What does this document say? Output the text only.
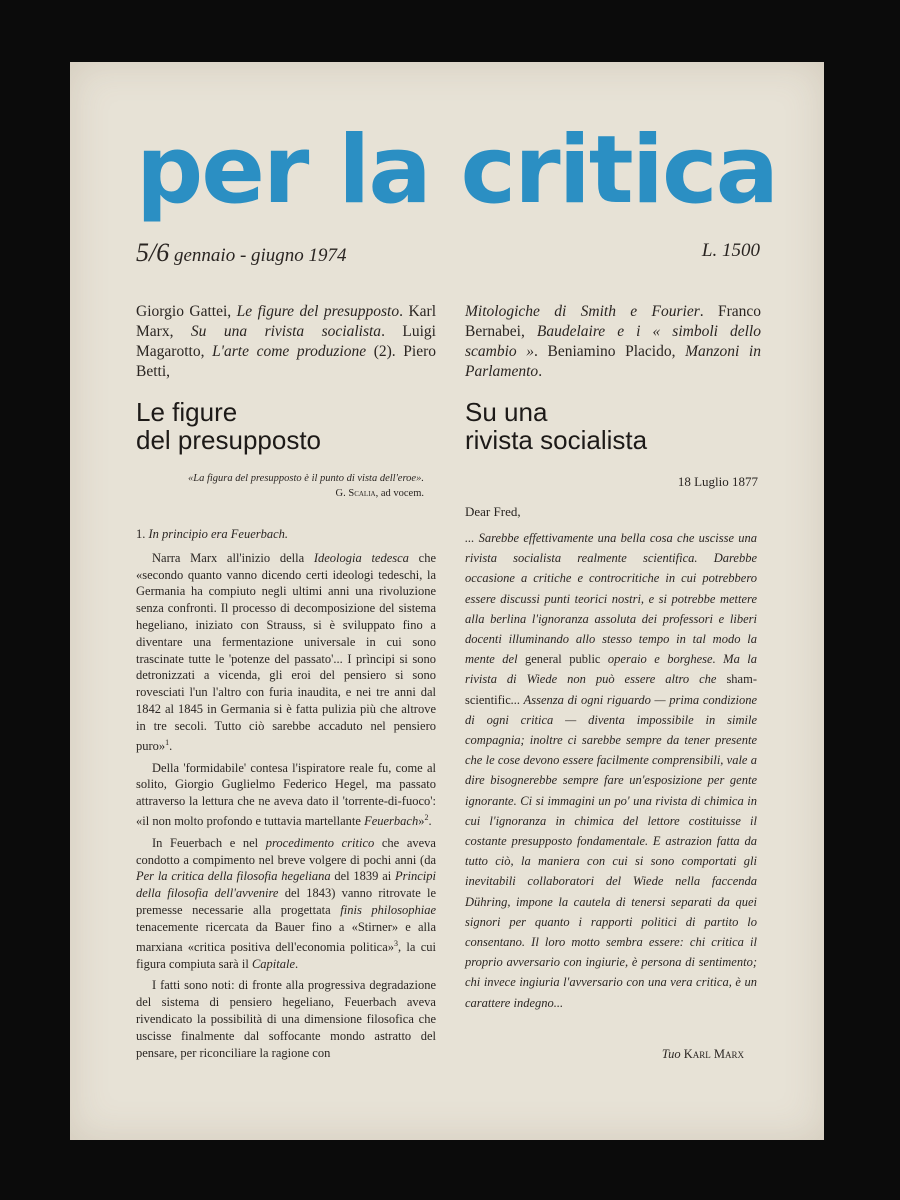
per la critica
5/6 gennaio - giugno 1974	L. 1500
Giorgio Gattei, Le figure del presupposto. Karl Marx, Su una rivista socialista. Luigi Magarotto, L'arte come produzione (2). Piero Betti,
Mitologiche di Smith e Fourier. Franco Bernabei, Baudelaire e i « simboli dello scambio ». Beniamino Placido, Manzoni in Parlamento.
Le figure
del presupposto
Su una
rivista socialista
«La figura del presupposto è il punto di vista dell'eroe».
G. Scalia, ad vocem.

1. In principio era Feuerbach.

Narra Marx all'inizio della Ideologia tedesca che «secondo quanto vanno dicendo certi ideologi tedeschi, la Germania ha compiuto negli ultimi anni una rivoluzione senza confronti. Il processo di decomposizione del sistema hegeliano, iniziato con Strauss, si è sviluppato fino a diventare una fermentazione universale in cui sono trascinate tutte le 'potenze del passato'... I prìncipi si sono detronizzati a vicenda, gli eroi del pensiero si sono rovesciati l'un l'altro con furia inaudita, e nei tre anni dal 1842 al 1845 in Germania si è fatta pulizia più che altrove in tre secoli. Tutto ciò sarebbe accaduto nel pensiero puro»$^1$.

Della 'formidabile' contesa l'ispiratore reale fu, come al solito, Giorgio Guglielmo Federico Hegel, ma passato attraverso la lettura che ne aveva dato il 'torrente-di-fuoco': «il non molto profondo e tuttavia martellante Feuerbach»$^2$.

In Feuerbach e nel procedimento critico che aveva condotto a compimento nel breve volgere di pochi anni (da Per la critica della filosofia hegeliana del 1839 ai Principi della filosofia dell'avvenire del 1843) vanno ritrovate le premesse necessarie alla progettata finis philosophiae tenacemente ricercata da Bauer fino a «Stirner» e alla marxiana «critica positiva dell'economia politica»$^3$, la cui figura compiuta sarà il Capitale.

I fatti sono noti: di fronte alla progressiva degradazione del sistema di pensiero hegeliano, Feuerbach aveva rivendicato la possibilità di una dimensione filosofica che uscisse finalmente dal soffocante mondo astratto del pensare, per riconciliare la ragione con

18 Luglio 1877
Dear Fred,
... Sarebbe effettivamente una bella cosa che uscisse una rivista socialista realmente scientifica. Darebbe occasione a critiche e controcritiche in cui potrebbero essere discussi punti teorici nostri, e si potrebbe mettere alla berlina l'ignoranza assoluta dei professori e liberi docenti illuminando allo stesso tempo in tal modo la mente del general public operaio e borghese. Ma la rivista di Wiede non può essere altro che sham-scientific... Assenza di ogni riguardo — prima condizione di ogni critica — diventa impossibile in simile compagnia; inoltre ci sarebbe sempre da tener presente che le cose devono essere facilmente comprensibili, vale a dire bisognerebbe sempre fare un'esposizione per gente ignorante. Ci si immagini un po' una rivista di chimica in cui l'ignoranza in chimica del lettore costituisse il costante presupposto fondamentale. E astrazion fatta da tutto ciò, la maniera con cui si sono comportati gli inevitabili collaboratori del Wiede nella faccenda Dühring, impone la cautela di tenersi separati da quei signori per quanto i rapporti politici di partito lo consentano. Il loro motto sembra essere: chi critica il proprio avversario con ingiurie, è persona di sentimento; chi invece ingiuria l'avversario con una vera critica, è un carattere indegno...
Tuo Karl Marx
